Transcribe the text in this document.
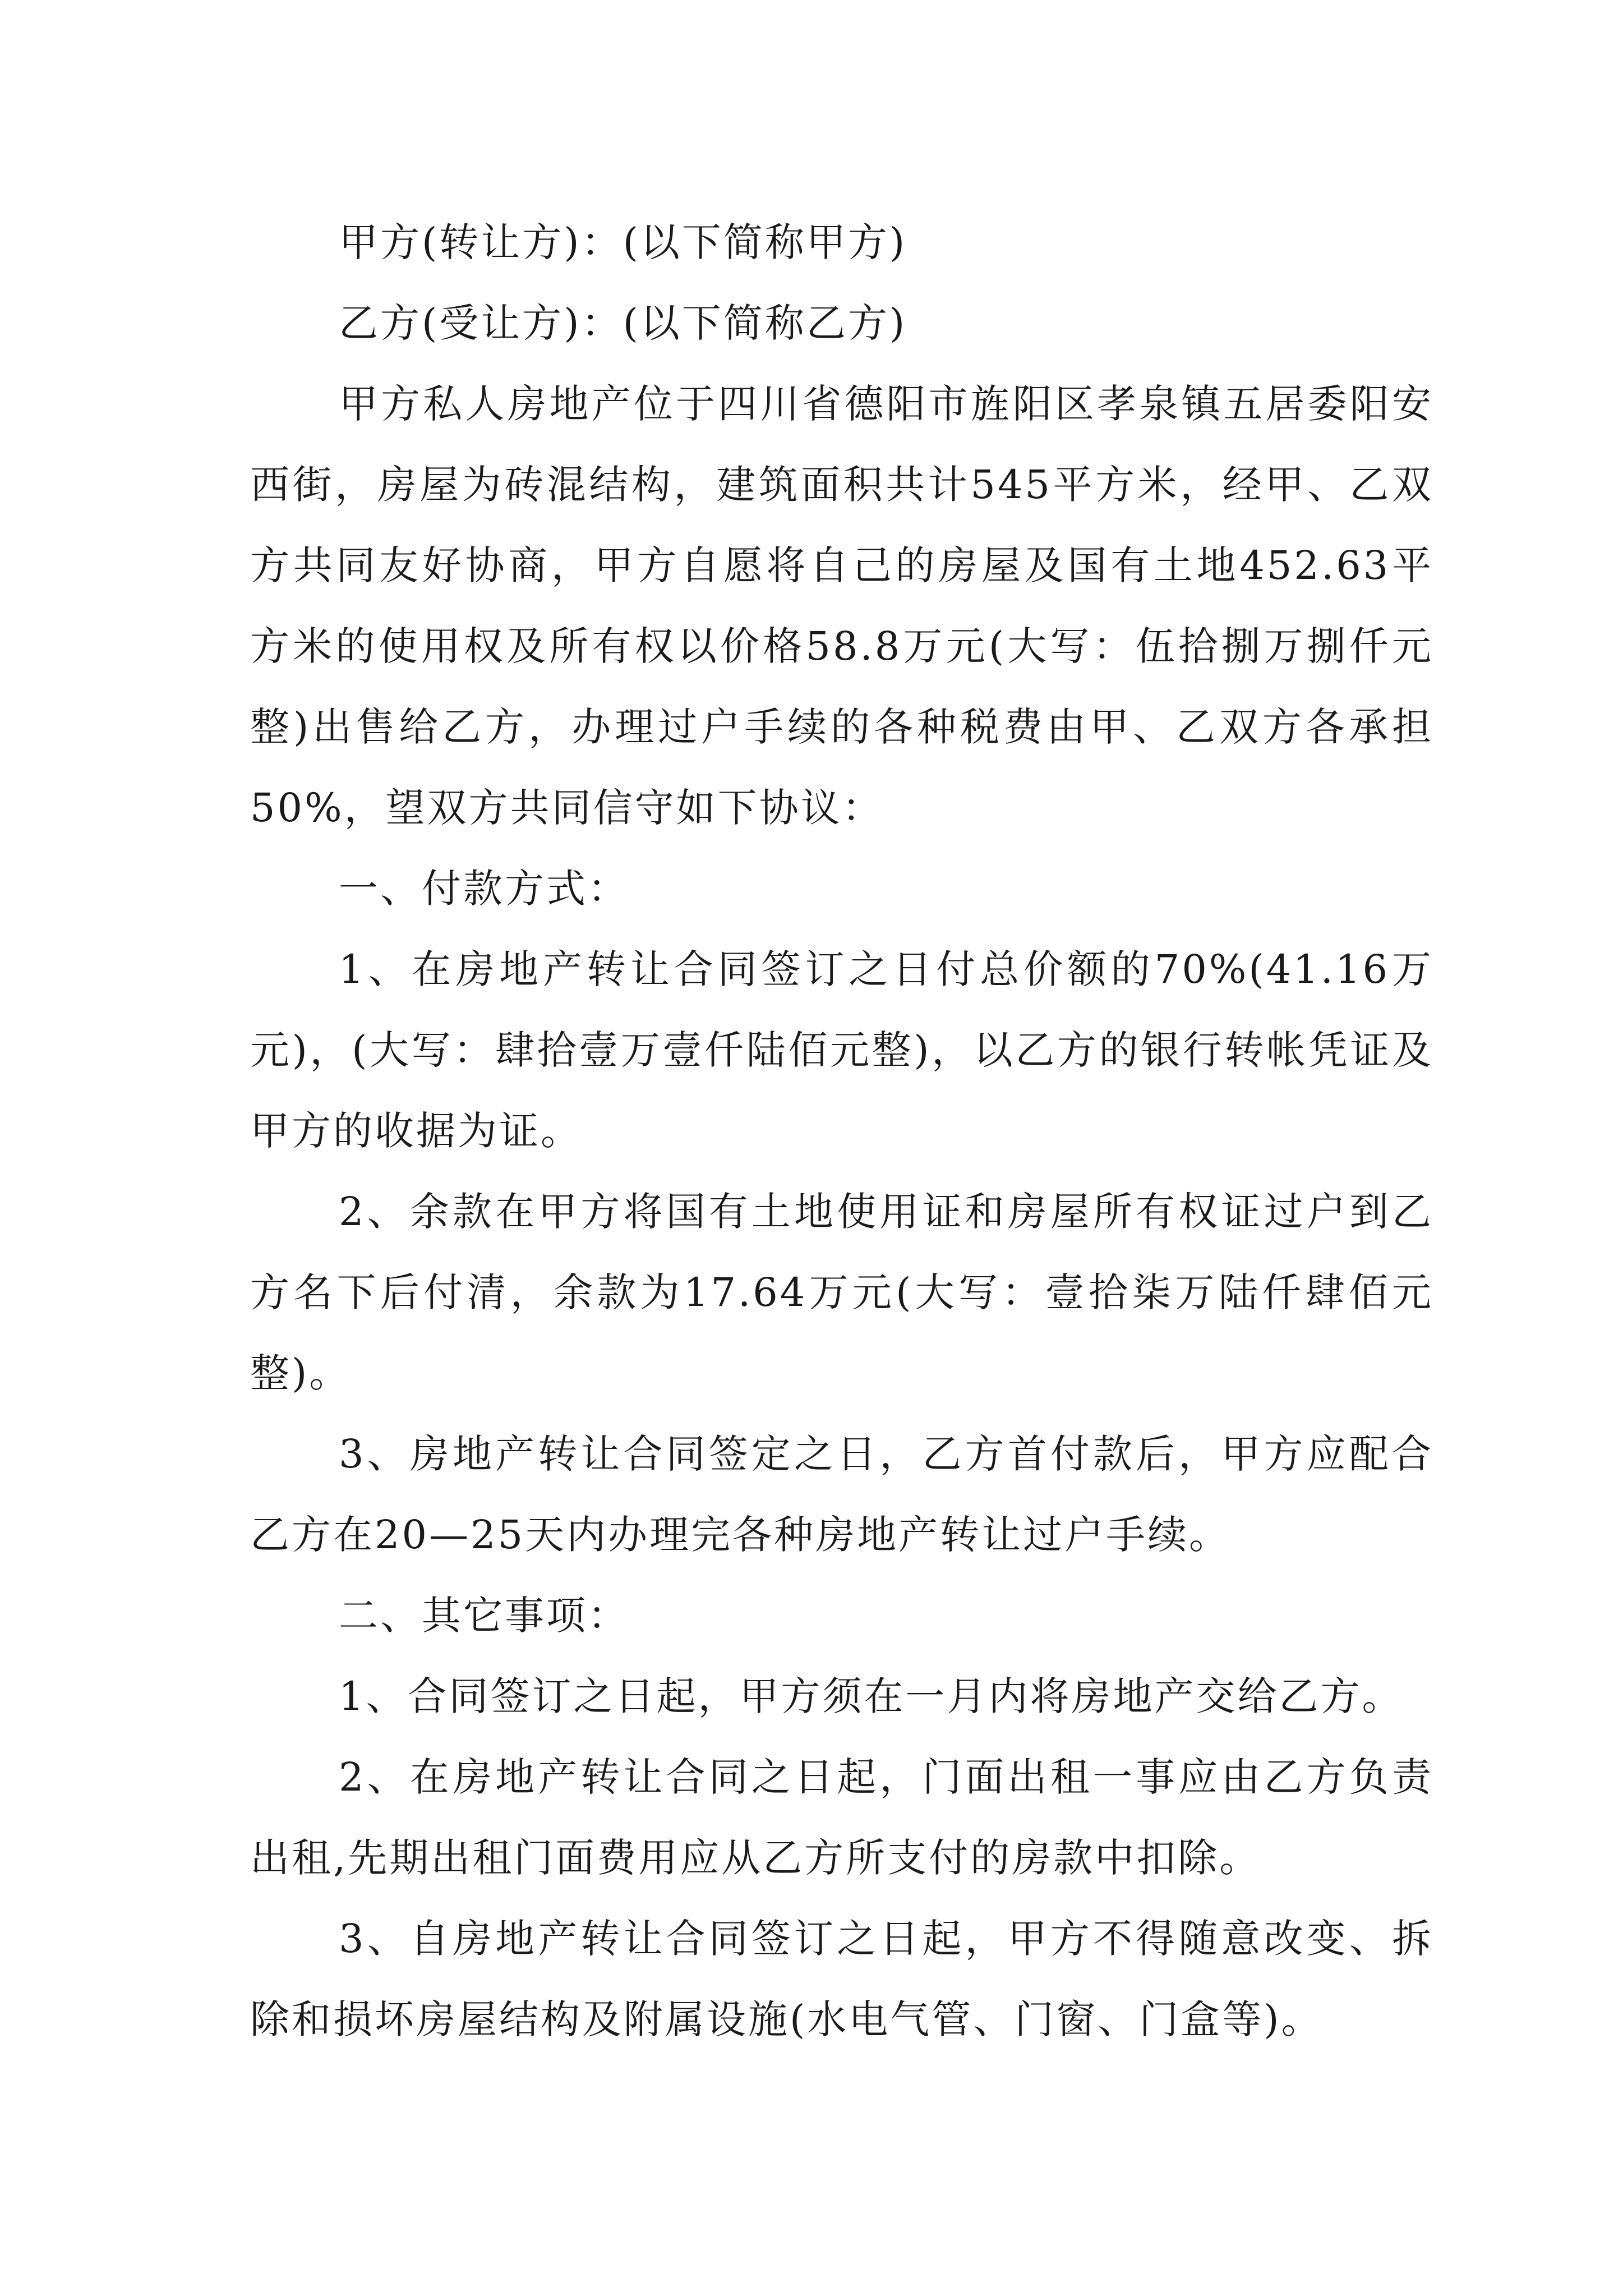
甲方(转让方)：(以下简称甲方)

乙方(受让方)：(以下简称乙方)

甲方私人房地产位于四川省德阳市旌阳区孝泉镇五居委阳安西街，房屋为砖混结构，建筑面积共计545平方米，经甲、乙双方共同友好协商，甲方自愿将自己的房屋及国有土地452.63平方米的使用权及所有权以价格58.8万元(大写：伍拾捌万捌仟元整)出售给乙方，办理过户手续的各种税费由甲、乙双方各承担50%，望双方共同信守如下协议：

一、付款方式：

1、在房地产转让合同签订之日付总价额的70%(41.16万元)，(大写：肆拾壹万壹仟陆佰元整)，以乙方的银行转帐凭证及甲方的收据为证。

2、余款在甲方将国有土地使用证和房屋所有权证过户到乙方名下后付清，余款为17.64万元(大写：壹拾柒万陆仟肆佰元整)。

3、房地产转让合同签定之日，乙方首付款后，甲方应配合乙方在20—25天内办理完各种房地产转让过户手续。

二、其它事项：

1、合同签订之日起，甲方须在一月内将房地产交给乙方。

2、在房地产转让合同之日起，门面出租一事应由乙方负责出租,先期出租门面费用应从乙方所支付的房款中扣除。

3、自房地产转让合同签订之日起，甲方不得随意改变、拆除和损坏房屋结构及附属设施(水电气管、门窗、门盒等)。
